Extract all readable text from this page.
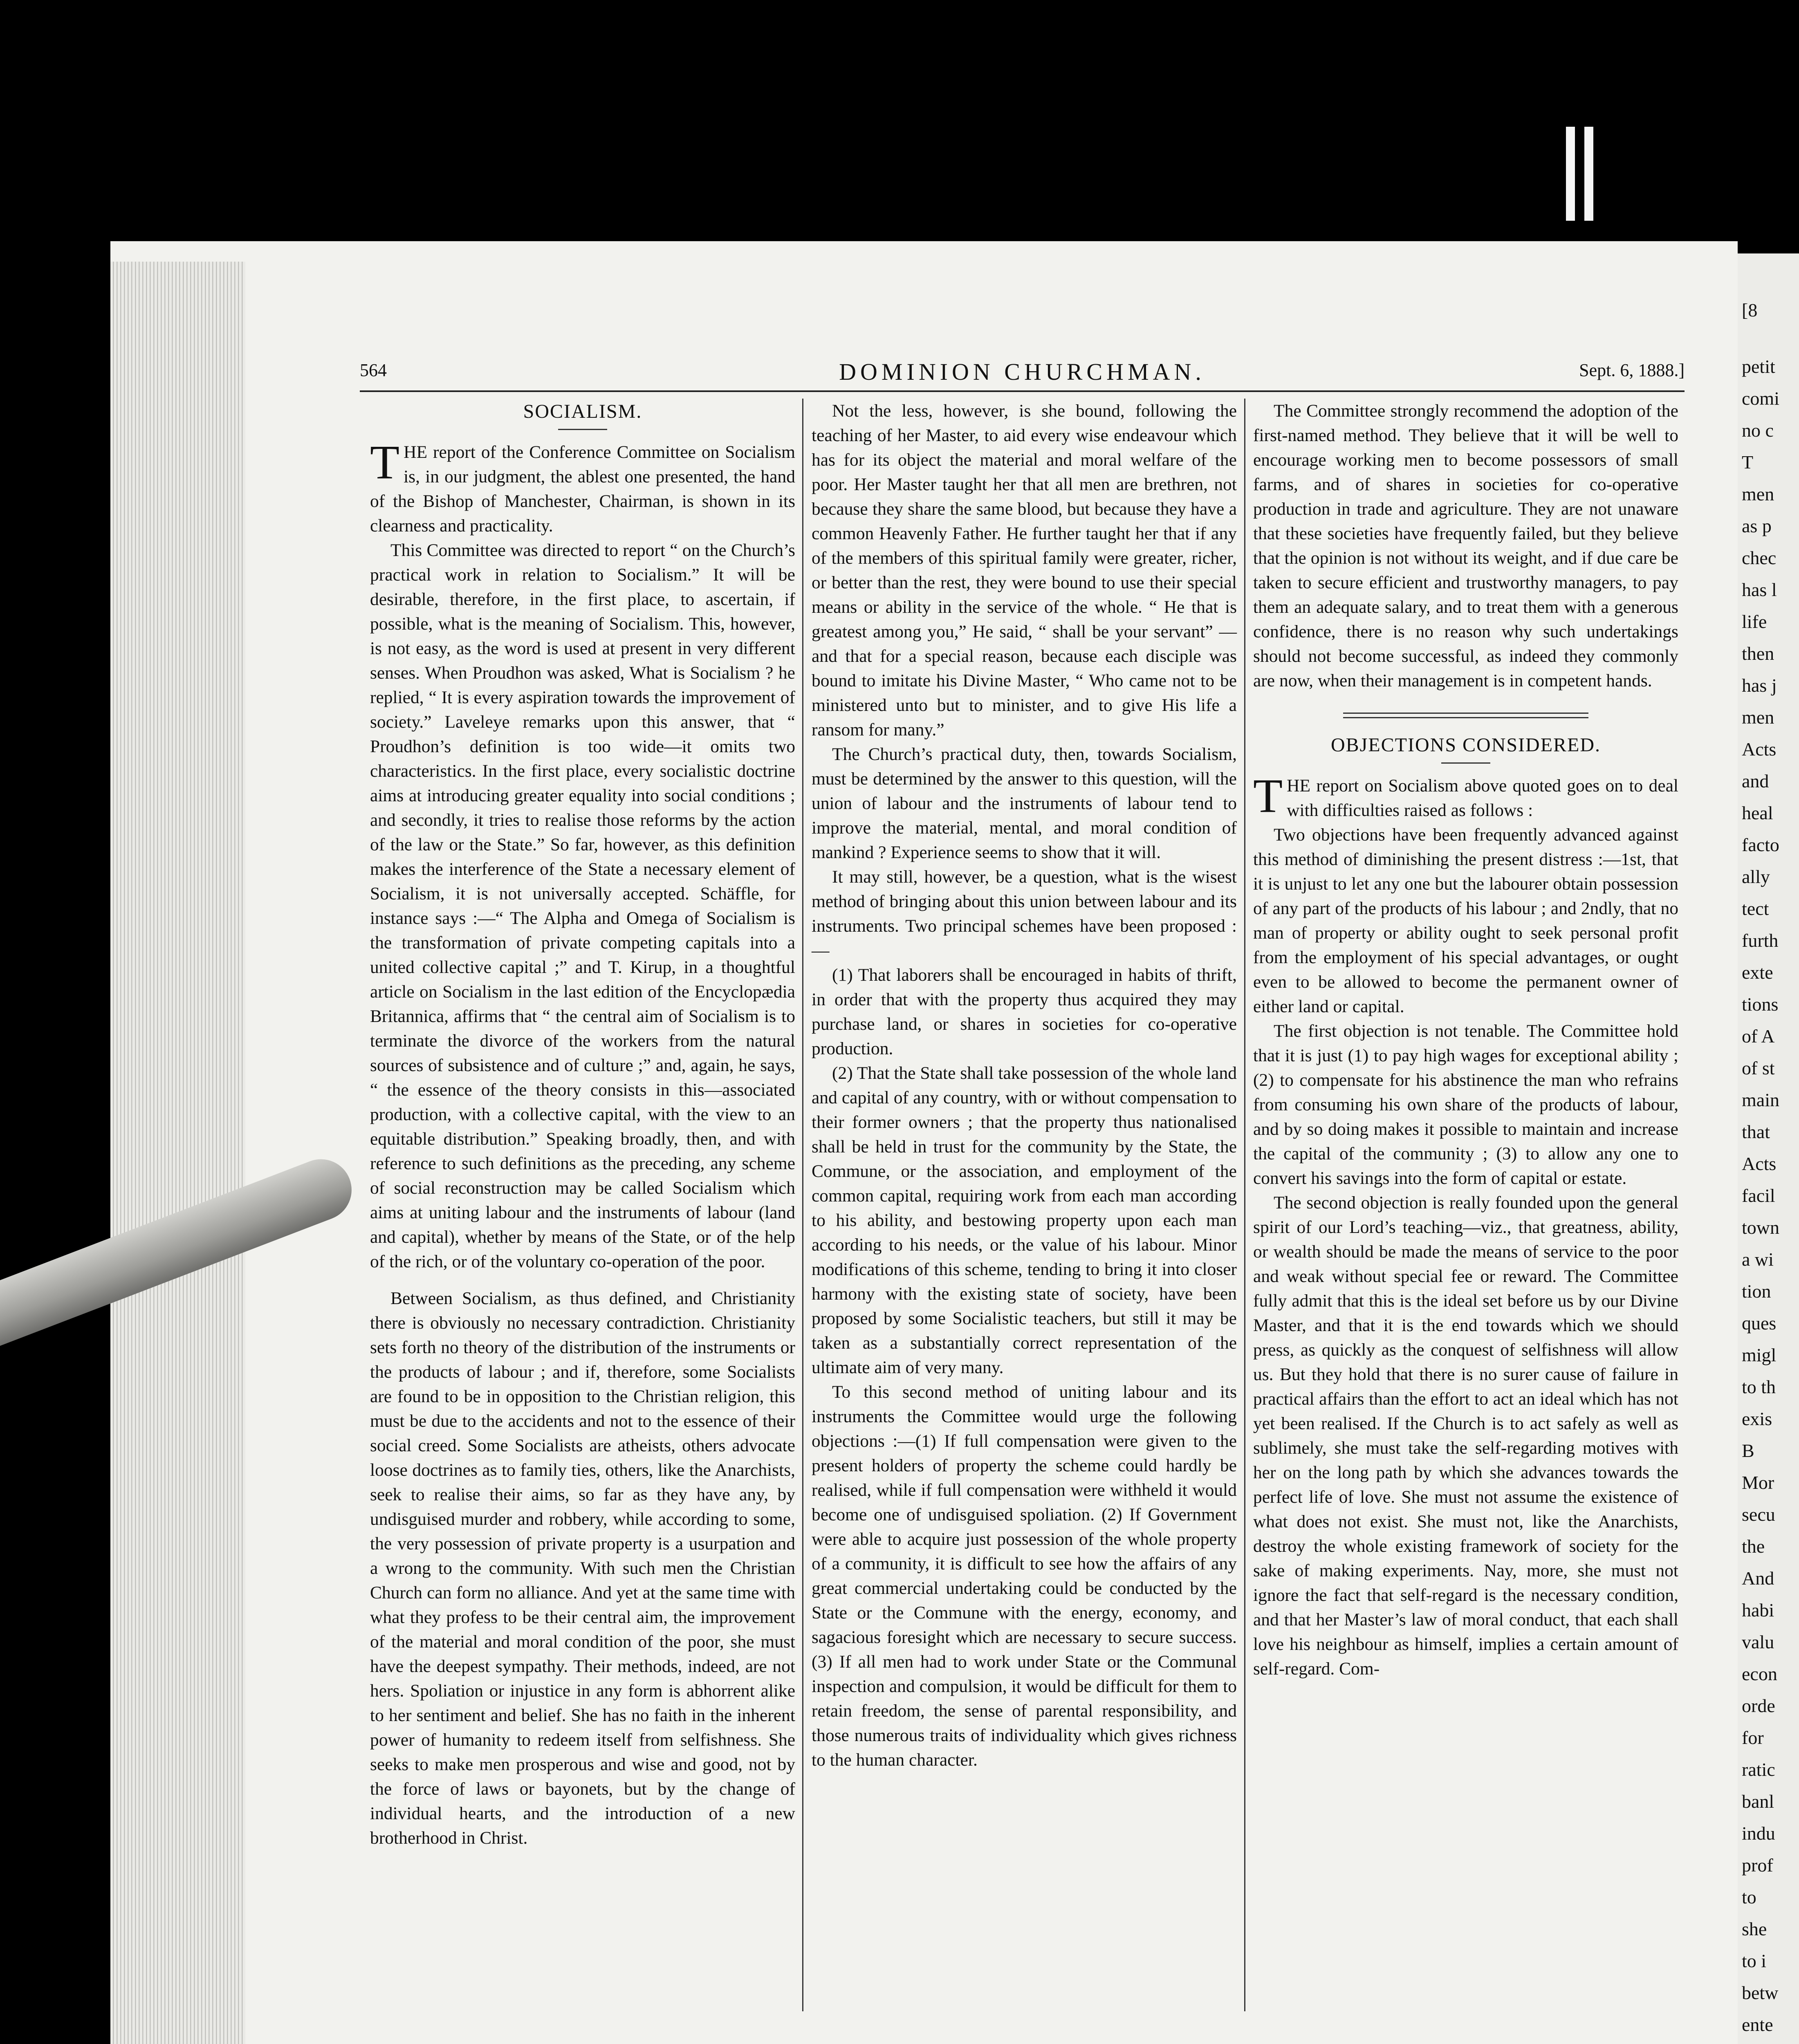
[8
petit
comi
no c
T
men
as p
chec
has l
life
then
has j
men
Acts
and
heal
facto
ally
tect
furth
exte
tions
of A
of st
main
that
Acts
facil
town
a wi
tion
ques
migl
to th
exis
B
Mor
secu
the
And
habi
valu
econ
orde
for
ratic
banl
indu
prof
to
she
to i
betw
ente
564	DOMINION CHURCHMAN.	Sept. 6, 1888.]
SOCIALISM.

THE report of the Conference Committee on Socialism is, in our judgment, the ablest one presented, the hand of the Bishop of Manchester, Chairman, is shown in its clearness and practicality.

This Committee was directed to report “ on the Church’s practical work in relation to Socialism.” It will be desirable, therefore, in the first place, to ascertain, if possible, what is the meaning of Socialism. This, however, is not easy, as the word is used at present in very different senses. When Proudhon was asked, What is Socialism ? he replied, “ It is every aspiration towards the improvement of society.” Laveleye remarks upon this answer, that “ Proudhon’s definition is too wide—it omits two characteristics. In the first place, every socialistic doctrine aims at introducing greater equality into social conditions ; and secondly, it tries to realise those reforms by the action of the law or the State.” So far, however, as this definition makes the interference of the State a necessary element of Socialism, it is not universally accepted. Schäffle, for instance says :—“ The Alpha and Omega of Socialism is the transformation of private competing capitals into a united collective capital ;” and T. Kirup, in a thoughtful article on Socialism in the last edition of the Encyclopædia Britannica, affirms that “ the central aim of Socialism is to terminate the divorce of the workers from the natural sources of subsistence and of culture ;” and, again, he says, “ the essence of the theory consists in this—associated production, with a collective capital, with the view to an equitable distribution.” Speaking broadly, then, and with reference to such definitions as the preceding, any scheme of social reconstruction may be called Socialism which aims at uniting labour and the instruments of labour (land and capital), whether by means of the State, or of the help of the rich, or of the voluntary co-operation of the poor.

Between Socialism, as thus defined, and Christianity there is obviously no necessary contradiction. Christianity sets forth no theory of the distribution of the instruments or the products of labour ; and if, therefore, some Socialists are found to be in opposition to the Christian religion, this must be due to the accidents and not to the essence of their social creed. Some Socialists are atheists, others advocate loose doctrines as to family ties, others, like the Anarchists, seek to realise their aims, so far as they have any, by undisguised murder and robbery, while according to some, the very possession of private property is a usurpation and a wrong to the community. With such men the Christian Church can form no alliance. And yet at the same time with what they profess to be their central aim, the improvement of the material and moral condition of the poor, she must have the deepest sympathy. Their methods, indeed, are not hers. Spoliation or injustice in any form is abhorrent alike to her sentiment and belief. She has no faith in the inherent power of humanity to redeem itself from selfishness. She seeks to make men prosperous and wise and good, not by the force of laws or bayonets, but by the change of individual hearts, and the introduction of a new brotherhood in Christ.

Not the less, however, is she bound, following the teaching of her Master, to aid every wise endeavour which has for its object the material and moral welfare of the poor. Her Master taught her that all men are brethren, not because they share the same blood, but because they have a common Heavenly Father. He further taught her that if any of the members of this spiritual family were greater, richer, or better than the rest, they were bound to use their special means or ability in the service of the whole. “ He that is greatest among you,” He said, “ shall be your servant” —and that for a special reason, because each disciple was bound to imitate his Divine Master, “ Who came not to be ministered unto but to minister, and to give His life a ransom for many.”

The Church’s practical duty, then, towards Socialism, must be determined by the answer to this question, will the union of labour and the instruments of labour tend to improve the material, mental, and moral condition of mankind ? Experience seems to show that it will.

It may still, however, be a question, what is the wisest method of bringing about this union between labour and its instruments. Two principal schemes have been proposed :—

(1) That laborers shall be encouraged in habits of thrift, in order that with the property thus acquired they may purchase land, or shares in societies for co-operative production.

(2) That the State shall take possession of the whole land and capital of any country, with or without compensation to their former owners ; that the property thus nationalised shall be held in trust for the community by the State, the Commune, or the association, and employment of the common capital, requiring work from each man according to his ability, and bestowing property upon each man according to his needs, or the value of his labour. Minor modifications of this scheme, tending to bring it into closer harmony with the existing state of society, have been proposed by some Socialistic teachers, but still it may be taken as a substantially correct representation of the ultimate aim of very many.

To this second method of uniting labour and its instruments the Committee would urge the following objections :—(1) If full compensation were given to the present holders of property the scheme could hardly be realised, while if full compensation were withheld it would become one of undisguised spoliation. (2) If Government were able to acquire just possession of the whole property of a community, it is difficult to see how the affairs of any great commercial undertaking could be conducted by the State or the Commune with the energy, economy, and sagacious foresight which are necessary to secure success. (3) If all men had to work under State or the Communal inspection and compulsion, it would be difficult for them to retain freedom, the sense of parental responsibility, and those numerous traits of individuality which gives richness to the human character.

The Committee strongly recommend the adoption of the first-named method. They believe that it will be well to encourage working men to become possessors of small farms, and of shares in societies for co-operative production in trade and agriculture. They are not unaware that these societies have frequently failed, but they believe that the opinion is not without its weight, and if due care be taken to secure efficient and trustworthy managers, to pay them an adequate salary, and to treat them with a generous confidence, there is no reason why such undertakings should not become successful, as indeed they commonly are now, when their management is in competent hands.

OBJECTIONS CONSIDERED.

THE report on Socialism above quoted goes on to deal with difficulties raised as follows :

Two objections have been frequently advanced against this method of diminishing the present distress :—1st, that it is unjust to let any one but the labourer obtain possession of any part of the products of his labour ; and 2ndly, that no man of property or ability ought to seek personal profit from the employment of his special advantages, or ought even to be allowed to become the permanent owner of either land or capital.

The first objection is not tenable. The Committee hold that it is just (1) to pay high wages for exceptional ability ; (2) to compensate for his abstinence the man who refrains from consuming his own share of the products of labour, and by so doing makes it possible to maintain and increase the capital of the community ; (3) to allow any one to convert his savings into the form of capital or estate.

The second objection is really founded upon the general spirit of our Lord’s teaching—viz., that greatness, ability, or wealth should be made the means of service to the poor and weak without special fee or reward. The Committee fully admit that this is the ideal set before us by our Divine Master, and that it is the end towards which we should press, as quickly as the conquest of selfishness will allow us. But they hold that there is no surer cause of failure in practical affairs than the effort to act an ideal which has not yet been realised. If the Church is to act safely as well as sublimely, she must take the self-regarding motives with her on the long path by which she advances towards the perfect life of love. She must not assume the existence of what does not exist. She must not, like the Anarchists, destroy the whole existing framework of society for the sake of making experiments. Nay, more, she must not ignore the fact that self-regard is the necessary condition, and that her Master’s law of moral conduct, that each shall love his neighbour as himself, implies a certain amount of self-regard. Com-
